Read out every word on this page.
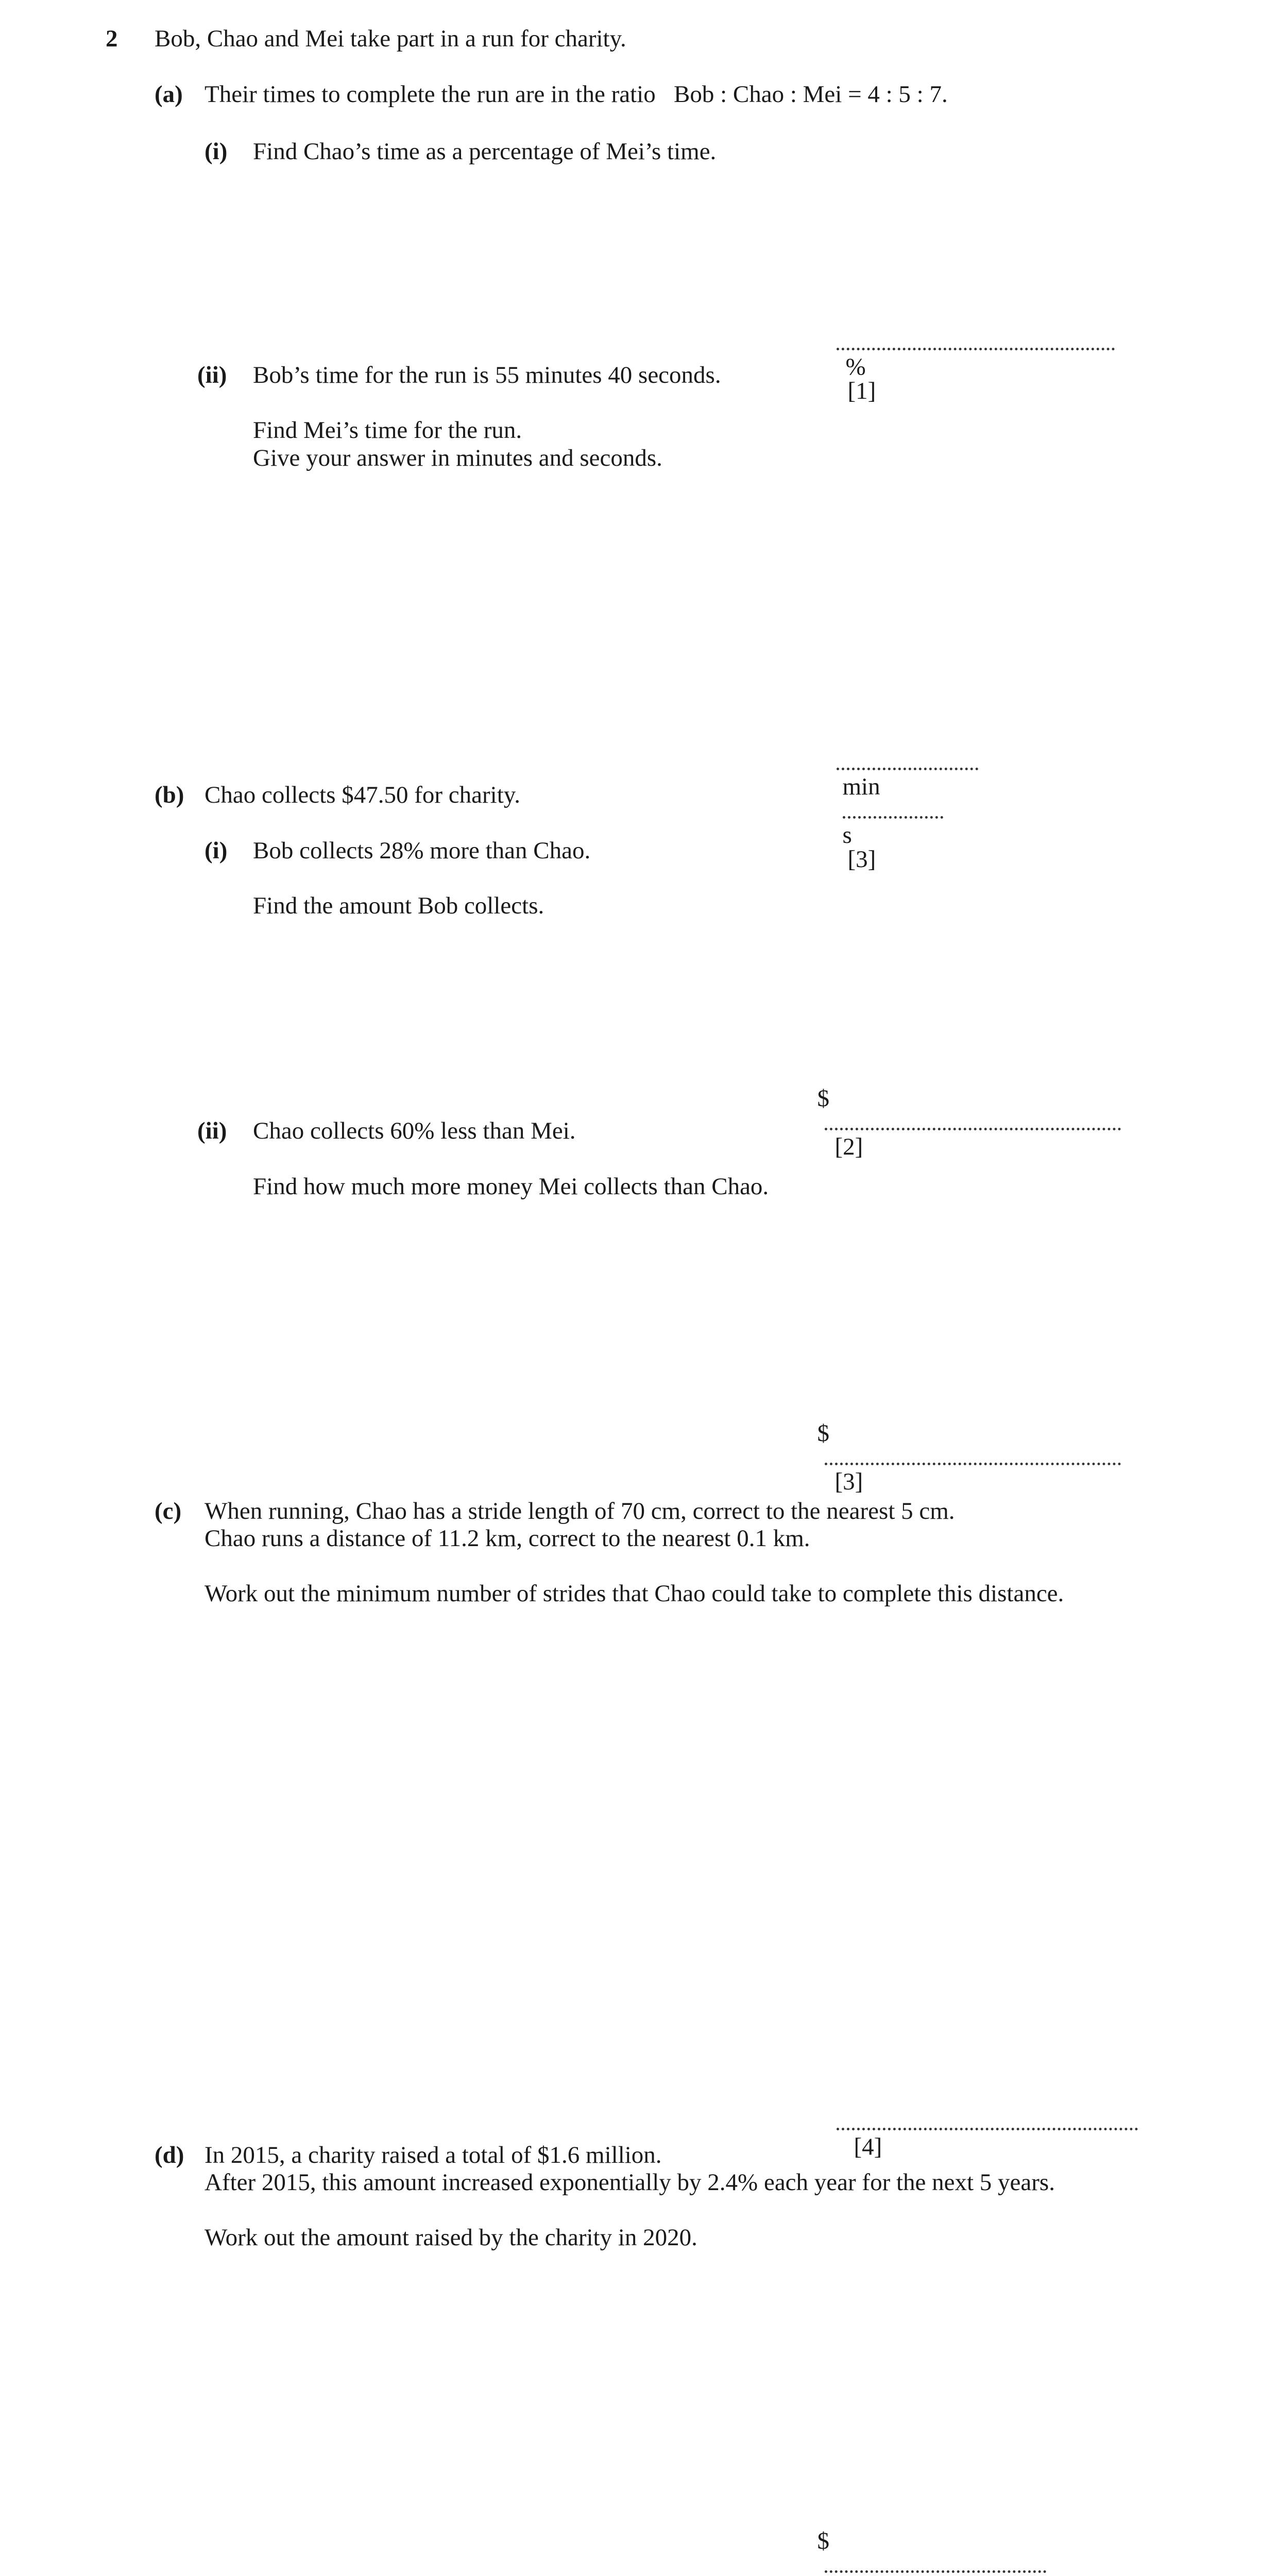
2 Bob, Chao and Mei take part in a run for charity.
(a) Their times to complete the run are in the ratio   Bob : Chao : Mei = 4 : 5 : 7.
(i) Find Chao’s time as a percentage of Mei’s time.

%
[1]

(ii) Bob’s time for the run is 55 minutes 40 seconds.
Find Mei’s time for the run.
Give your answer in minutes and seconds.

min

s
[3]

(b) Chao collects $47.50 for charity.
(i) Bob collects 28% more than Chao.
Find the amount Bob collects.

$

[2]

(ii) Chao collects 60% less than Mei.
Find how much more money Mei collects than Chao.

$

[3]

(c) When running, Chao has a stride length of 70 cm, correct to the nearest 5 cm.
Chao runs a distance of 11.2 km, correct to the nearest 0.1 km.
Work out the minimum number of strides that Chao could take to complete this distance.

[4]

(d) In 2015, a charity raised a total of $1.6 million.
After 2015, this amount increased exponentially by 2.4% each year for the next 5 years.
Work out the amount raised by the charity in 2020.

$
